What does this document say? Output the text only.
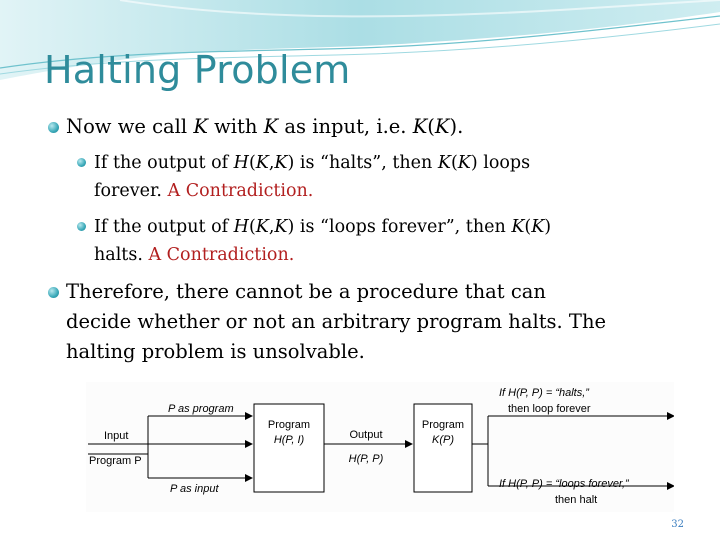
Halting Problem
Now we call K with K as input, i.e. K(K).
If the output of H(K,K) is “halts”, then K(K) loops
forever. A Contradiction.
If the output of H(K,K) is “loops forever”, then K(K)
halts. A Contradiction.
Therefore, there cannot be a procedure that can
decide whether or not an arbitrary program halts. The
halting problem is unsolvable.
P as program
Input
Program P
P as input
Program
H(P, I)	Output
H(P, P)
Program
K(P)
If H(P, P) = “halts,”
then loop forever
If H(P, P) = “loops forever,”
then halt
32
